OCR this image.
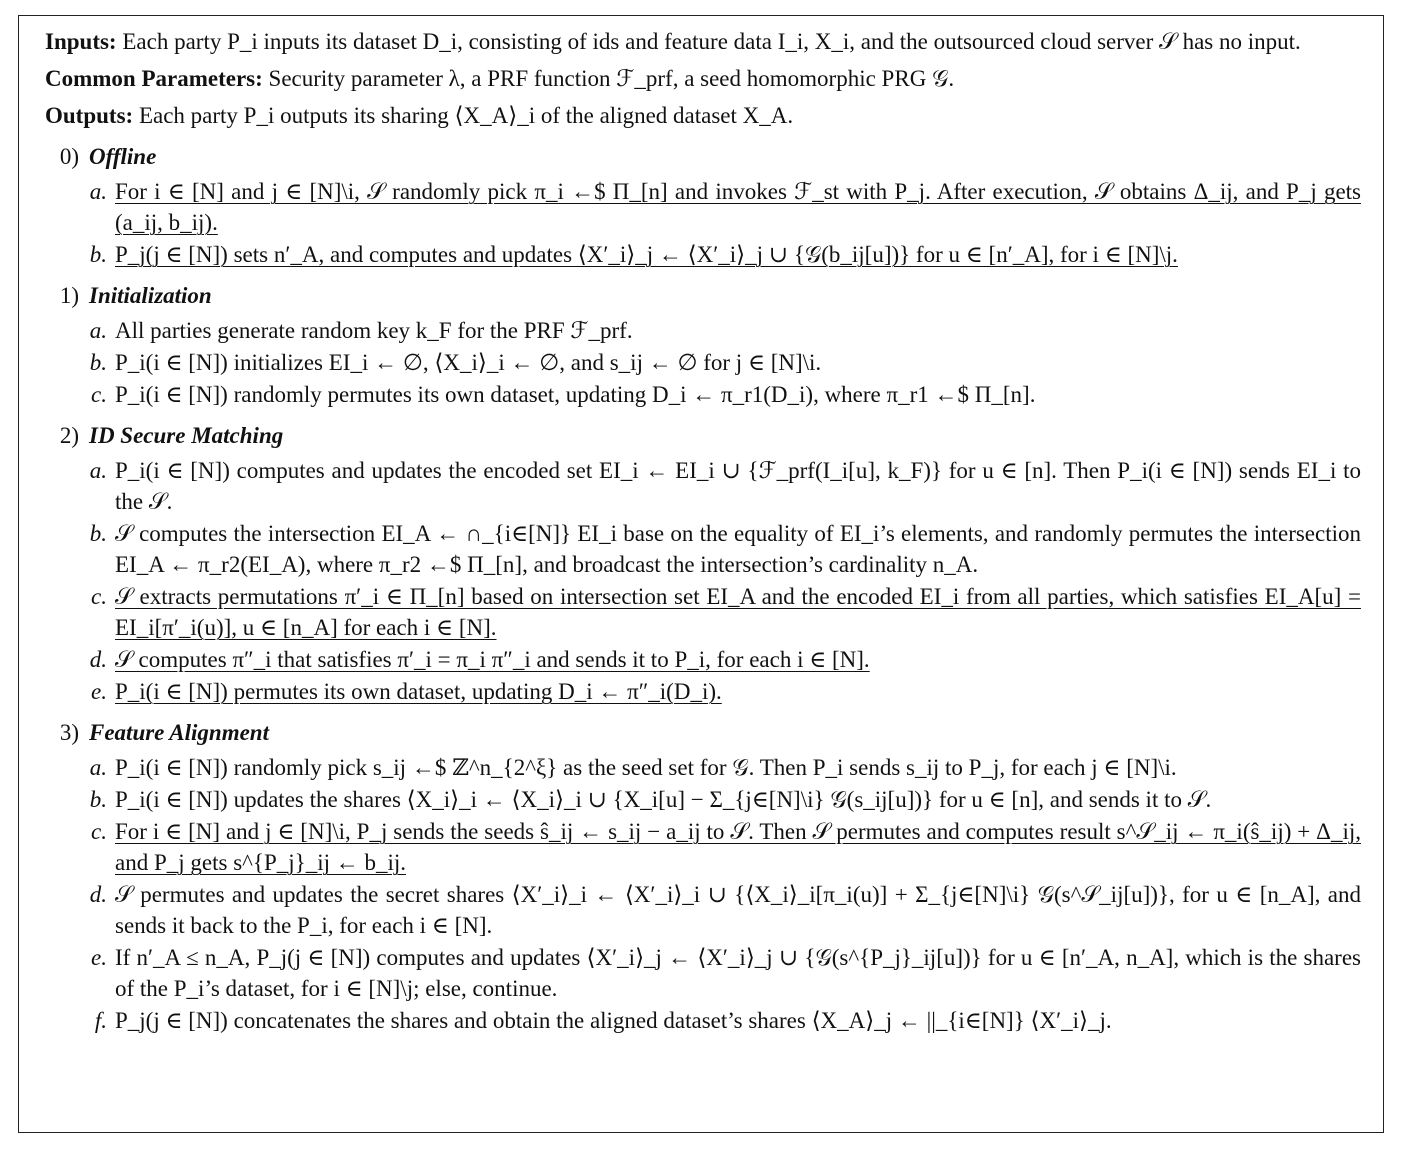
Inputs: Each party P_i inputs its dataset D_i, consisting of ids and feature data I_i, X_i, and the outsourced cloud server 𝒮 has no input.

Common Parameters: Security parameter λ, a PRF function ℱ_prf, a seed homomorphic PRG 𝒢.

Outputs: Each party P_i outputs its sharing ⟨X_A⟩_i of the aligned dataset X_A.

0) Offline
a. For i ∈ [N] and j ∈ [N]\i, 𝒮 randomly pick π_i ←$ Π_[n] and invokes ℱ_st with P_j. After execution, 𝒮 obtains Δ_ij, and P_j gets (a_ij, b_ij).
b. P_j(j ∈ [N]) sets n′_A, and computes and updates ⟨X′_i⟩_j ← ⟨X′_i⟩_j ∪ {𝒢(b_ij[u])} for u ∈ [n′_A], for i ∈ [N]\j.
1) Initialization
a. All parties generate random key k_F for the PRF ℱ_prf.
b. P_i(i ∈ [N]) initializes EI_i ← ∅, ⟨X_i⟩_i ← ∅, and s_ij ← ∅ for j ∈ [N]\i.
c. P_i(i ∈ [N]) randomly permutes its own dataset, updating D_i ← π_r1(D_i), where π_r1 ←$ Π_[n].
2) ID Secure Matching
a. P_i(i ∈ [N]) computes and updates the encoded set EI_i ← EI_i ∪ {ℱ_prf(I_i[u], k_F)} for u ∈ [n]. Then P_i(i ∈ [N]) sends EI_i to the 𝒮.
b. 𝒮 computes the intersection EI_A ← ∩_{i∈[N]} EI_i base on the equality of EI_i’s elements, and randomly permutes the intersection EI_A ← π_r2(EI_A), where π_r2 ←$ Π_[n], and broadcast the intersection’s cardinality n_A.
c. 𝒮 extracts permutations π′_i ∈ Π_[n] based on intersection set EI_A and the encoded EI_i from all parties, which satisfies EI_A[u] = EI_i[π′_i(u)], u ∈ [n_A] for each i ∈ [N].
d. 𝒮 computes π″_i that satisfies π′_i = π_i π″_i and sends it to P_i, for each i ∈ [N].
e. P_i(i ∈ [N]) permutes its own dataset, updating D_i ← π″_i(D_i).
3) Feature Alignment
a. P_i(i ∈ [N]) randomly pick s_ij ←$ ℤ^n_{2^ξ} as the seed set for 𝒢. Then P_i sends s_ij to P_j, for each j ∈ [N]\i.
b. P_i(i ∈ [N]) updates the shares ⟨X_i⟩_i ← ⟨X_i⟩_i ∪ {X_i[u] − Σ_{j∈[N]\i} 𝒢(s_ij[u])} for u ∈ [n], and sends it to 𝒮.
c. For i ∈ [N] and j ∈ [N]\i, P_j sends the seeds ŝ_ij ← s_ij − a_ij to 𝒮. Then 𝒮 permutes and computes result s^𝒮_ij ← π_i(ŝ_ij) + Δ_ij, and P_j gets s^{P_j}_ij ← b_ij.
d. 𝒮 permutes and updates the secret shares ⟨X′_i⟩_i ← ⟨X′_i⟩_i ∪ {⟨X_i⟩_i[π_i(u)] + Σ_{j∈[N]\i} 𝒢(s^𝒮_ij[u])}, for u ∈ [n_A], and sends it back to the P_i, for each i ∈ [N].
e. If n′_A ≤ n_A, P_j(j ∈ [N]) computes and updates ⟨X′_i⟩_j ← ⟨X′_i⟩_j ∪ {𝒢(s^{P_j}_ij[u])} for u ∈ [n′_A, n_A], which is the shares of the P_i’s dataset, for i ∈ [N]\j; else, continue.
f. P_j(j ∈ [N]) concatenates the shares and obtain the aligned dataset’s shares ⟨X_A⟩_j ← ||_{i∈[N]} ⟨X′_i⟩_j.
